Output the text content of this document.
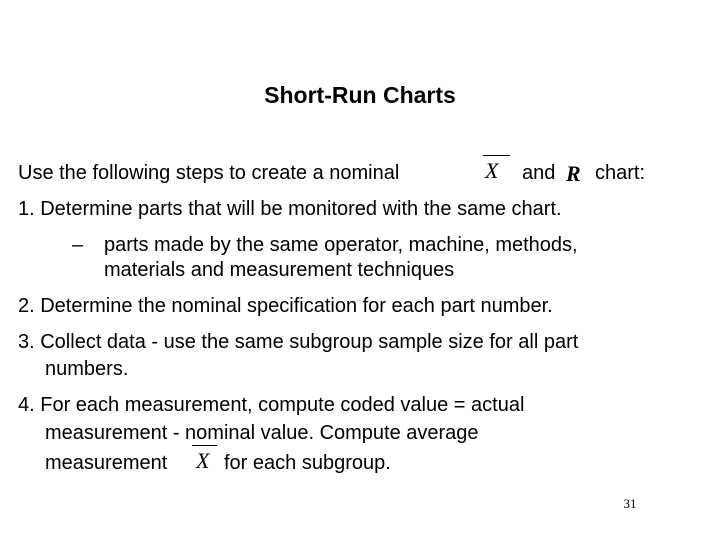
Short-Run Charts
Use the following steps to create a nominal	X and R chart:
1. Determine parts that will be monitored with the same chart.
– parts made by the same operator, machine, methods,
materials and measurement techniques
2. Determine the nominal specification for each part number.
3. Collect data - use the same subgroup sample size for all part
numbers.
4. For each measurement, compute coded value = actual
measurement - nominal value. Compute average
measurement X for each subgroup.
31
